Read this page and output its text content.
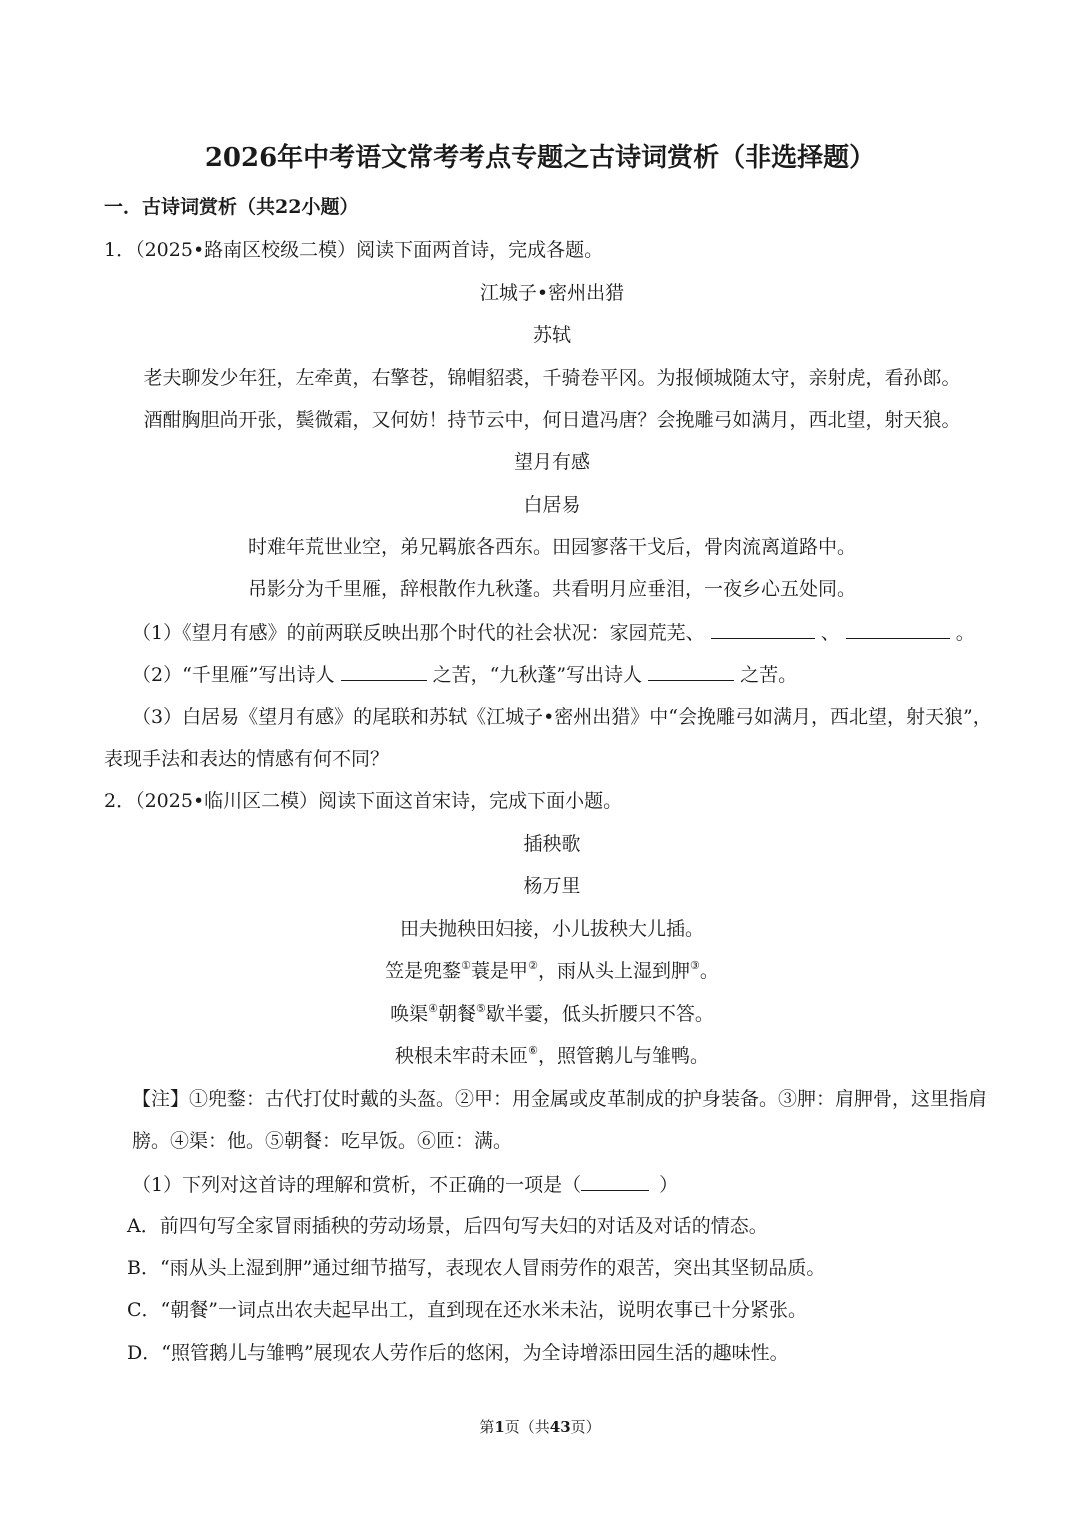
2026年中考语文常考考点专题之古诗词赏析（非选择题）
一．古诗词赏析（共22小题）
1．（2025•路南区校级二模）阅读下面两首诗，完成各题。
江城子•密州出猎
苏轼
老夫聊发少年狂，左牵黄，右擎苍，锦帽貂裘，千骑卷平冈。为报倾城随太守，亲射虎，看孙郎。
酒酣胸胆尚开张，鬓微霜，又何妨！持节云中，何日遣冯唐？会挽雕弓如满月，西北望，射天狼。
望月有感
白居易
时难年荒世业空，弟兄羁旅各西东。田园寥落干戈后，骨肉流离道路中。
吊影分为千里雁，辞根散作九秋蓬。共看明月应垂泪，一夜乡心五处同。
（1）《望月有感》的前两联反映出那个时代的社会状况：家园荒芜、	、	。
（2）“千里雁”写出诗人	之苦，“九秋蓬”写出诗人	之苦。
（3）白居易《望月有感》的尾联和苏轼《江城子•密州出猎》中“会挽雕弓如满月，西北望，射天狼”，
表现手法和表达的情感有何不同？
2．（2025•临川区二模）阅读下面这首宋诗，完成下面小题。
插秧歌
杨万里
田夫抛秧田妇接，小儿拔秧大儿插。
笠是兜鍪①蓑是甲②，雨从头上湿到胛③。
唤渠④朝餐⑤歇半霎，低头折腰只不答。
秧根未牢莳未匝⑥，照管鹅儿与雏鸭。
【注】①兜鍪：古代打仗时戴的头盔。②甲：用金属或皮革制成的护身装备。③胛：肩胛骨，这里指肩
膀。④渠：他。⑤朝餐：吃早饭。⑥匝：满。
（1）下列对这首诗的理解和赏析，不正确的一项是（	）
A．前四句写全家冒雨插秧的劳动场景，后四句写夫妇的对话及对话的情态。
B．“雨从头上湿到胛”通过细节描写，表现农人冒雨劳作的艰苦，突出其坚韧品质。
C．“朝餐”一词点出农夫起早出工，直到现在还水米未沾，说明农事已十分紧张。
D．“照管鹅儿与雏鸭”展现农人劳作后的悠闲，为全诗增添田园生活的趣味性。
第1页（共43页）
